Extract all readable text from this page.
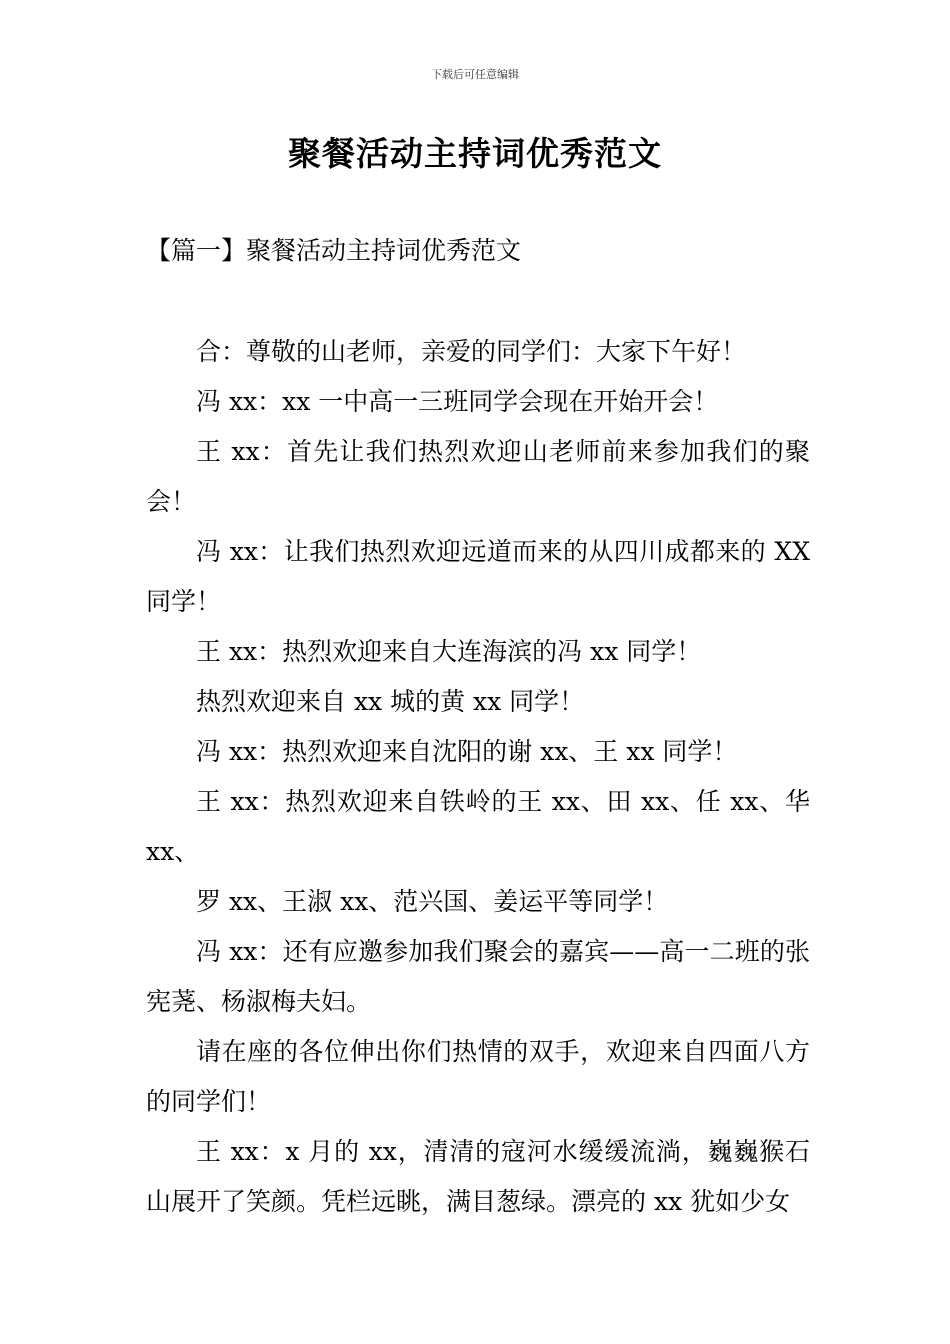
下载后可任意编辑
聚餐活动主持词优秀范文
【篇一】聚餐活动主持词优秀范文

合：尊敬的山老师，亲爱的同学们：大家下午好！

冯 xx：xx 一中高一三班同学会现在开始开会！

王 xx：首先让我们热烈欢迎山老师前来参加我们的聚会！

冯 xx：让我们热烈欢迎远道而来的从四川成都来的 XX 同学！

王 xx：热烈欢迎来自大连海滨的冯 xx 同学！

热烈欢迎来自 xx 城的黄 xx 同学！

冯 xx：热烈欢迎来自沈阳的谢 xx、王 xx 同学！

王 xx：热烈欢迎来自铁岭的王 xx、田 xx、任 xx、华 xx、

罗 xx、王淑 xx、范兴国、姜运平等同学！

冯 xx：还有应邀参加我们聚会的嘉宾——高一二班的张宪荛、杨淑梅夫妇。

请在座的各位伸出你们热情的双手，欢迎来自四面八方的同学们！

王 xx：x 月的 xx，清清的寇河水缓缓流淌，巍巍猴石山展开了笑颜。凭栏远眺，满目葱绿。漂亮的 xx 犹如少女
